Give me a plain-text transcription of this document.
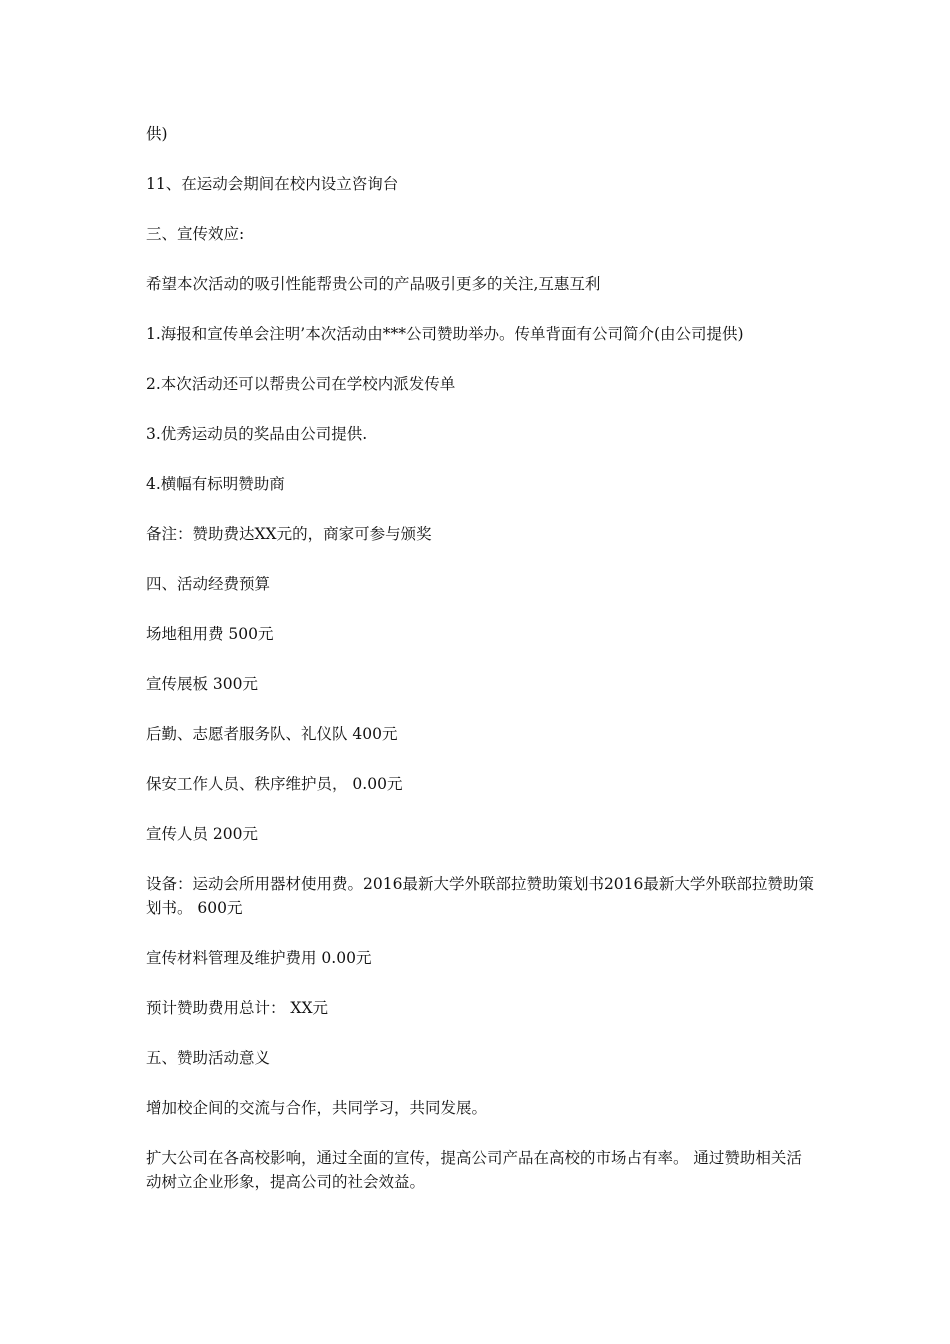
供)

11、在运动会期间在校内设立咨询台

三、宣传效应:

希望本次活动的吸引性能帮贵公司的产品吸引更多的关注,互惠互利

1.海报和宣传单会注明’本次活动由***公司赞助举办。传单背面有公司简介(由公司提供)

2.本次活动还可以帮贵公司在学校内派发传单

3.优秀运动员的奖品由公司提供.

4.横幅有标明赞助商

备注：赞助费达XX元的，商家可参与颁奖

四、活动经费预算

场地租用费 500元

宣传展板 300元

后勤、志愿者服务队、礼仪队 400元

保安工作人员、秩序维护员， 0.00元

宣传人员 200元

设备：运动会所用器材使用费。2016最新大学外联部拉赞助策划书2016最新大学外联部拉赞助策划书。 600元

宣传材料管理及维护费用 0.00元

预计赞助费用总计： XX元

五、赞助活动意义

增加校企间的交流与合作，共同学习，共同发展。

扩大公司在各高校影响，通过全面的宣传，提高公司产品在高校的市场占有率。 通过赞助相关活动树立企业形象，提高公司的社会效益。
